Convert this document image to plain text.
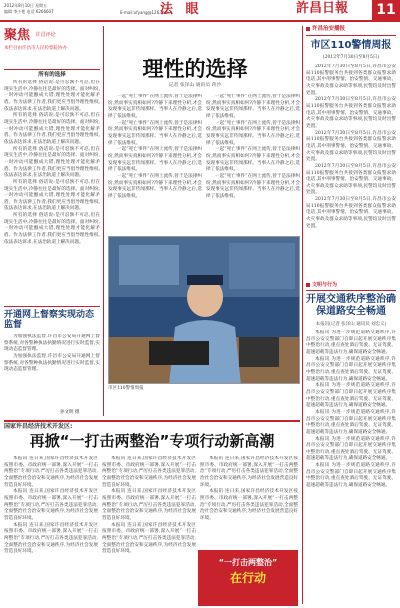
2012年8月10日 星期五
编辑 李小艳 电话 6266607	E-mail:xfyang@126.com
法 眼	許昌日報	11
聚焦 许昌评论
本栏目由许昌市人民检察院协办
所有的选择

所有的选择 俗话说:是可忍孰不可忍,但在现实生活中,冷静往往是最好的选择。面对纠纷,一时冲动可能酿成大错,理性处理才能化解矛盾。作为法律工作者,我们更应当倡导理性维权,依法表达诉求,在法治轨道上解决问题。

所有的选择 俗话说:是可忍孰不可忍,但在现实生活中,冷静往往是最好的选择。面对纠纷,一时冲动可能酿成大错,理性处理才能化解矛盾。作为法律工作者,我们更应当倡导理性维权,依法表达诉求,在法治轨道上解决问题。

所有的选择 俗话说:是可忍孰不可忍,但在现实生活中,冷静往往是最好的选择。面对纠纷,一时冲动可能酿成大错,理性处理才能化解矛盾。作为法律工作者,我们更应当倡导理性维权,依法表达诉求,在法治轨道上解决问题。

所有的选择 俗话说:是可忍孰不可忍,但在现实生活中,冷静往往是最好的选择。面对纠纷,一时冲动可能酿成大错,理性处理才能化解矛盾。作为法律工作者,我们更应当倡导理性维权,依法表达诉求,在法治轨道上解决问题。

所有的选择 俗话说:是可忍孰不可忍,但在现实生活中,冷静往往是最好的选择。面对纠纷,一时冲动可能酿成大错,理性处理才能化解矛盾。作为法律工作者,我们更应当倡导理性维权,依法表达诉求,在法治轨道上解决问题。

理性的选择
记者 张泽山 通讯员 蒋沙

一起“死亡事件”在网上流传,曾于是法律纠纷,然而事实真相如何?冷静下来理性分析,才会发现事实远非传闻那样。当事人在冷静之后,选择了依法维权。

一起“死亡事件”在网上流传,曾于是法律纠纷,然而事实真相如何?冷静下来理性分析,才会发现事实远非传闻那样。当事人在冷静之后,选择了依法维权。

一起“死亡事件”在网上流传,曾于是法律纠纷,然而事实真相如何?冷静下来理性分析,才会发现事实远非传闻那样。当事人在冷静之后,选择了依法维权。

一起“死亡事件”在网上流传,曾于是法律纠纷,然而事实真相如何?冷静下来理性分析,才会发现事实远非传闻那样。当事人在冷静之后,选择了依法维权。

一起“死亡事件”在网上流传,曾于是法律纠纷,然而事实真相如何?冷静下来理性分析,才会发现事实远非传闻那样。当事人在冷静之后,选择了依法维权。

一起“死亡事件”在网上流传,曾于是法律纠纷,然而事实真相如何?冷静下来理性分析,才会发现事实远非传闻那样。当事人在冷静之后,选择了依法维权。

一起“死亡事件”在网上流传,曾于是法律纠纷,然而事实真相如何?冷静下来理性分析,才会发现事实远非传闻那样。当事人在冷静之后,选择了依法维权。

一起“死亡事件”在网上流传,曾于是法律纠纷,然而事实真相如何?冷静下来理性分析,才会发现事实远非传闻那样。当事人在冷静之后,选择了依法维权。

市区110警情周报
开通网上督察实现动态监督

为加强执法监督,许昌市公安局开通网上督察系统,对各警种执法执勤情况进行实时监督,实现动态监督管理。

为加强执法监督,许昌市公安局开通网上督察系统,对各警种执法执勤情况进行实时监督,实现动态监督管理。

孙文明 摄
许昌治安播报
市区110警情周报
(2012年7月30日至8月5日)

2012年7月30日至8月5日,许昌市公安局110报警服务台共接到各类群众报警求助电话,其中刑事警情、治安警情、交通事故、火灾事故及群众求助等事项,民警均及时出警处置。

2012年7月30日至8月5日,许昌市公安局110报警服务台共接到各类群众报警求助电话,其中刑事警情、治安警情、交通事故、火灾事故及群众求助等事项,民警均及时出警处置。

2012年7月30日至8月5日,许昌市公安局110报警服务台共接到各类群众报警求助电话,其中刑事警情、治安警情、交通事故、火灾事故及群众求助等事项,民警均及时出警处置。

2012年7月30日至8月5日,许昌市公安局110报警服务台共接到各类群众报警求助电话,其中刑事警情、治安警情、交通事故、火灾事故及群众求助等事项,民警均及时出警处置。

2012年7月30日至8月5日,许昌市公安局110报警服务台共接到各类群众报警求助电话,其中刑事警情、治安警情、交通事故、火灾事故及群众求助等事项,民警均及时出警处置。

文明与行为
开展交通秩序整治确保道路安全畅通
本报讯(记者 张泽山 通讯员 刘忠义)

本报讯 为进一步规范道路交通秩序,许昌市公安交警部门自即日起开展交通秩序集中整治行动,重点查处酒后驾驶、无证驾驶、超速超载等违法行为,确保道路安全畅通。

本报讯 为进一步规范道路交通秩序,许昌市公安交警部门自即日起开展交通秩序集中整治行动,重点查处酒后驾驶、无证驾驶、超速超载等违法行为,确保道路安全畅通。

本报讯 为进一步规范道路交通秩序,许昌市公安交警部门自即日起开展交通秩序集中整治行动,重点查处酒后驾驶、无证驾驶、超速超载等违法行为,确保道路安全畅通。

本报讯 为进一步规范道路交通秩序,许昌市公安交警部门自即日起开展交通秩序集中整治行动,重点查处酒后驾驶、无证驾驶、超速超载等违法行为,确保道路安全畅通。

本报讯 为进一步规范道路交通秩序,许昌市公安交警部门自即日起开展交通秩序集中整治行动,重点查处酒后驾驶、无证驾驶、超速超载等违法行为,确保道路安全畅通。

本报讯 为进一步规范道路交通秩序,许昌市公安交警部门自即日起开展交通秩序集中整治行动,重点查处酒后驾驶、无证驾驶、超速超载等违法行为,确保道路安全畅通。

国家许昌经济技术开发区:
再掀“一打击两整治”专项行动新高潮

本报讯 连日来,国家许昌经济技术开发区按照市委、市政府统一部署,深入开展“一打击两整治”专项行动,严厉打击各类违法犯罪活动,全面整治社会治安和交通秩序,为经济社会发展营造良好环境。

本报讯 连日来,国家许昌经济技术开发区按照市委、市政府统一部署,深入开展“一打击两整治”专项行动,严厉打击各类违法犯罪活动,全面整治社会治安和交通秩序,为经济社会发展营造良好环境。

本报讯 连日来,国家许昌经济技术开发区按照市委、市政府统一部署,深入开展“一打击两整治”专项行动,严厉打击各类违法犯罪活动,全面整治社会治安和交通秩序,为经济社会发展营造良好环境。

本报讯 连日来,国家许昌经济技术开发区按照市委、市政府统一部署,深入开展“一打击两整治”专项行动,严厉打击各类违法犯罪活动,全面整治社会治安和交通秩序,为经济社会发展营造良好环境。

本报讯 连日来,国家许昌经济技术开发区按照市委、市政府统一部署,深入开展“一打击两整治”专项行动,严厉打击各类违法犯罪活动,全面整治社会治安和交通秩序,为经济社会发展营造良好环境。

本报讯 连日来,国家许昌经济技术开发区按照市委、市政府统一部署,深入开展“一打击两整治”专项行动,严厉打击各类违法犯罪活动,全面整治社会治安和交通秩序,为经济社会发展营造良好环境。

本报讯 连日来,国家许昌经济技术开发区按照市委、市政府统一部署,深入开展“一打击两整治”专项行动,严厉打击各类违法犯罪活动,全面整治社会治安和交通秩序,为经济社会发展营造良好环境。

本报讯 连日来,国家许昌经济技术开发区按照市委、市政府统一部署,深入开展“一打击两整治”专项行动,严厉打击各类违法犯罪活动,全面整治社会治安和交通秩序,为经济社会发展营造良好环境。

“一打击两整治”
在行动
